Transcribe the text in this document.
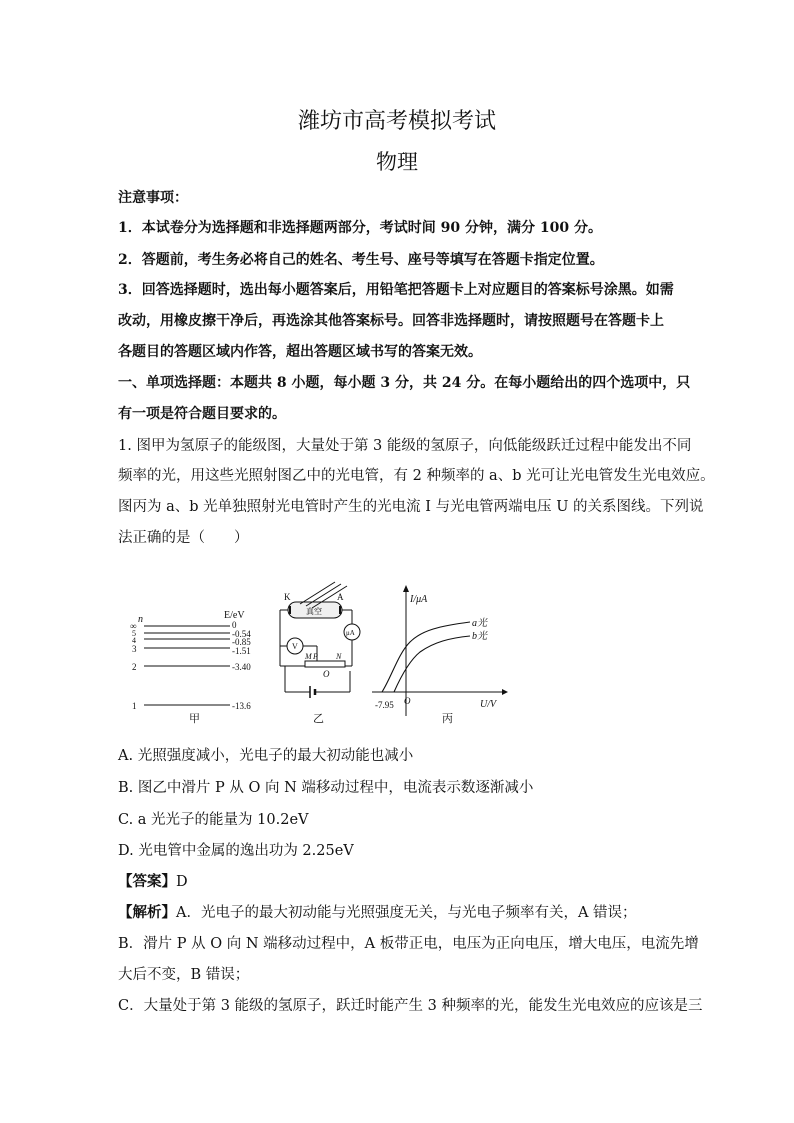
潍坊市高考模拟考试
物理
注意事项：
1．本试卷分为选择题和非选择题两部分，考试时间 90 分钟，满分 100 分。
2．答题前，考生务必将自己的姓名、考生号、座号等填写在答题卡指定位置。
3．回答选择题时，选出每小题答案后，用铅笔把答题卡上对应题目的答案标号涂黑。如需
改动，用橡皮擦干净后，再选涂其他答案标号。回答非选择题时，请按照题号在答题卡上
各题目的答题区域内作答，超出答题区域书写的答案无效。
一、单项选择题：本题共 8 小题，每小题 3 分，共 24 分。在每小题给出的四个选项中，只
有一项是符合题目要求的。
1. 图甲为氢原子的能级图，大量处于第 3 能级的氢原子，向低能级跃迁过程中能发出不同
频率的光，用这些光照射图乙中的光电管，有 2 种频率的 a、b 光可让光电管发生光电效应。
图丙为 a、b 光单独照射光电管时产生的光电流 I 与光电管两端电压 U 的关系图线。下列说
法正确的是（　　）
n	E/eV
∞	0
5	-0.54
4	-0.85
3	-1.51
2	-3.40
1	-13.6
甲
K	A
真空
μA
V
M P N
O
乙
I/μA
U/V
O
-7.95
a光
b光
丙
A. 光照强度减小，光电子的最大初动能也减小
B. 图乙中滑片 P 从 O 向 N 端移动过程中，电流表示数逐渐减小
C. a 光光子的能量为 10.2eV
D. 光电管中金属的逸出功为 2.25eV
【答案】D
【解析】A．光电子的最大初动能与光照强度无关，与光电子频率有关，A 错误；
B．滑片 P 从 O 向 N 端移动过程中，A 板带正电，电压为正向电压，增大电压，电流先增
大后不变，B 错误；
C．大量处于第 3 能级的氢原子，跃迁时能产生 3 种频率的光，能发生光电效应的应该是三
